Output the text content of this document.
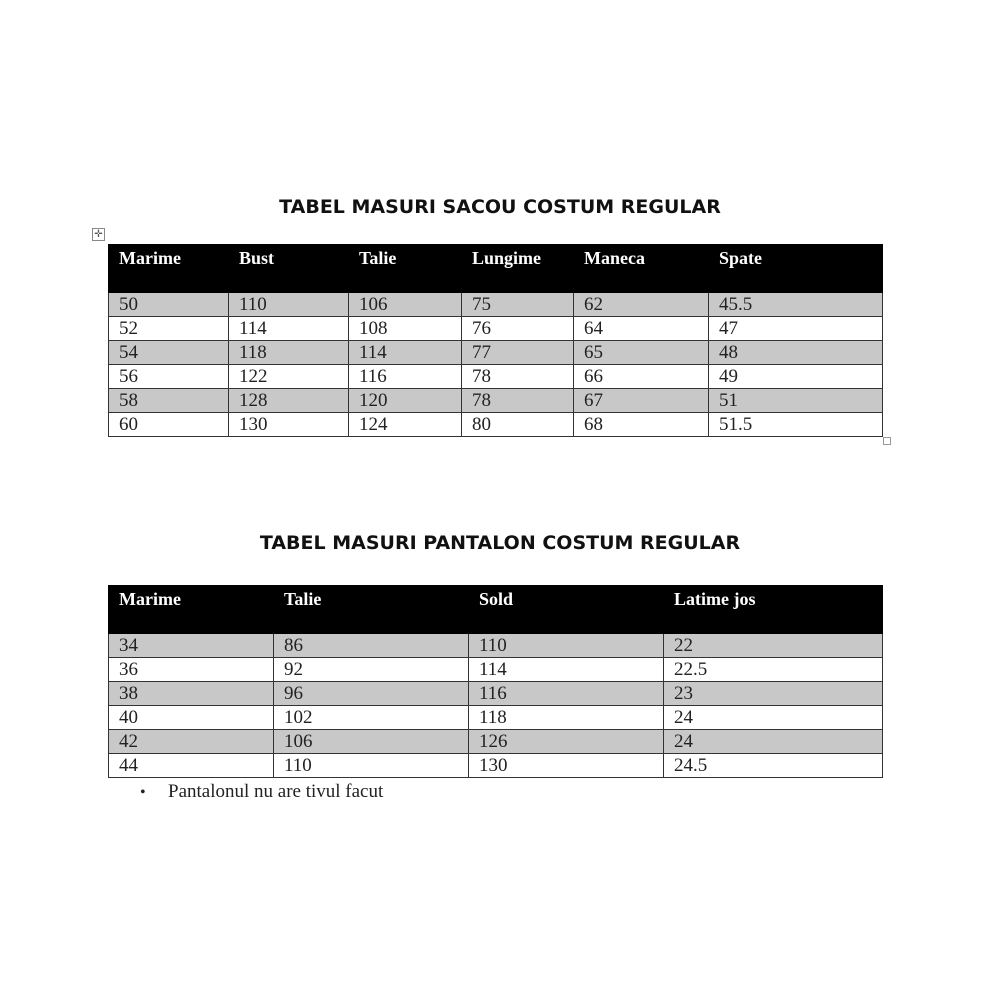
TABEL MASURI SACOU COSTUM REGULAR
✛
Marime	Bust	Talie	Lungime	Maneca	Spate
50	110	106	75	62	45.5
52	114	108	76	64	47
54	118	114	77	65	48
56	122	116	78	66	49
58	128	120	78	67	51
60	130	124	80	68	51.5
TABEL MASURI PANTALON COSTUM REGULAR
Marime	Talie	Sold	Latime jos
34	86	110	22
36	92	114	22.5
38	96	116	23
40	102	118	24
42	106	126	24
44	110	130	24.5
• Pantalonul nu are tivul facut
